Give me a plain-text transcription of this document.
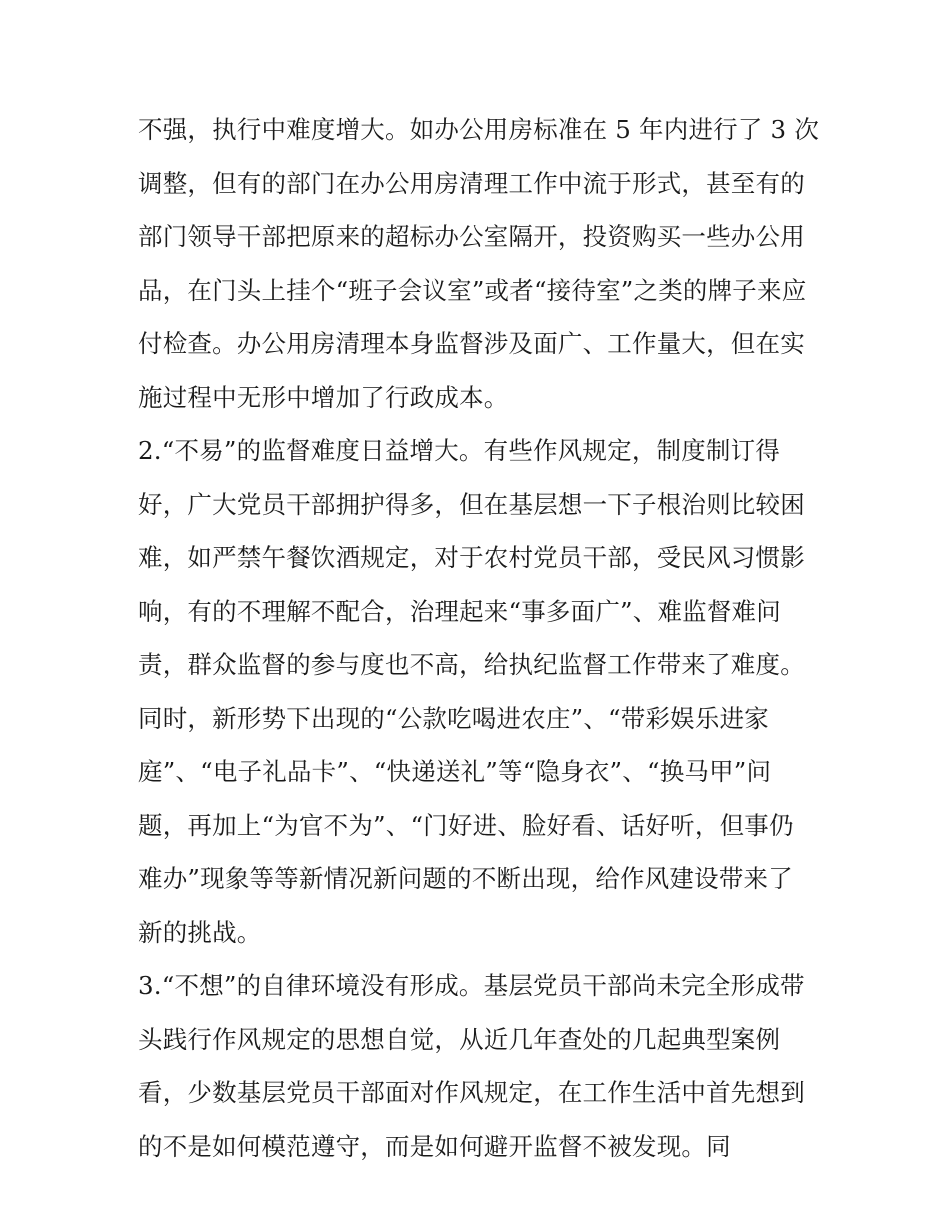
不强，执行中难度增大。如办公用房标准在 5 年内进行了 3 次
调整，但有的部门在办公用房清理工作中流于形式，甚至有的
部门领导干部把原来的超标办公室隔开，投资购买一些办公用
品，在门头上挂个“班子会议室”或者“接待室”之类的牌子来应
付检查。办公用房清理本身监督涉及面广、工作量大，但在实
施过程中无形中增加了行政成本。
2.“不易”的监督难度日益增大。有些作风规定，制度制订得
好，广大党员干部拥护得多，但在基层想一下子根治则比较困
难，如严禁午餐饮酒规定，对于农村党员干部，受民风习惯影
响，有的不理解不配合，治理起来“事多面广”、难监督难问
责，群众监督的参与度也不高，给执纪监督工作带来了难度。
同时，新形势下出现的“公款吃喝进农庄”、“带彩娱乐进家
庭”、“电子礼品卡”、“快递送礼”等“隐身衣”、“换马甲”问
题，再加上“为官不为”、“门好进、脸好看、话好听，但事仍
难办”现象等等新情况新问题的不断出现，给作风建设带来了
新的挑战。
3.“不想”的自律环境没有形成。基层党员干部尚未完全形成带
头践行作风规定的思想自觉，从近几年查处的几起典型案例
看，少数基层党员干部面对作风规定，在工作生活中首先想到
的不是如何模范遵守，而是如何避开监督不被发现。同
